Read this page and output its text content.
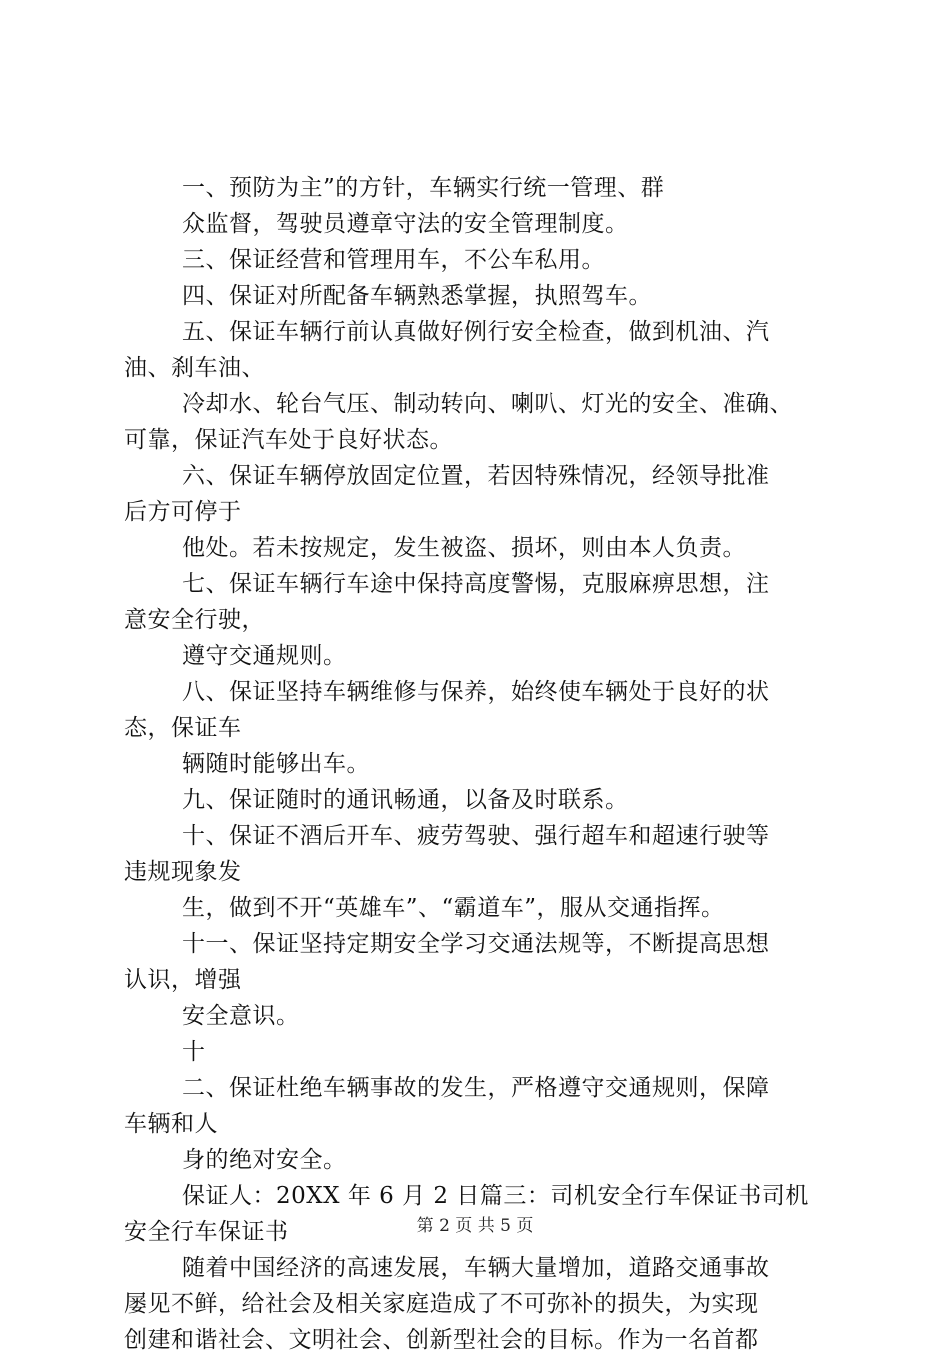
一、预防为主”的方针，车辆实行统一管理、群
众监督，驾驶员遵章守法的安全管理制度。
三、保证经营和管理用车，不公车私用。
四、保证对所配备车辆熟悉掌握，执照驾车。
五、保证车辆行前认真做好例行安全检查，做到机油、汽
油、刹车油、
冷却水、轮台气压、制动转向、喇叭、灯光的安全、准确、
可靠，保证汽车处于良好状态。
六、保证车辆停放固定位置，若因特殊情况，经领导批准
后方可停于
他处。若未按规定，发生被盗、损坏，则由本人负责。
七、保证车辆行车途中保持高度警惕，克服麻痹思想，注
意安全行驶，
遵守交通规则。
八、保证坚持车辆维修与保养，始终使车辆处于良好的状
态，保证车
辆随时能够出车。
九、保证随时的通讯畅通，以备及时联系。
十、保证不酒后开车、疲劳驾驶、强行超车和超速行驶等
违规现象发
生，做到不开“英雄车”、“霸道车”，服从交通指挥。
十一、保证坚持定期安全学习交通法规等，不断提高思想
认识，增强
安全意识。
十
二、保证杜绝车辆事故的发生，严格遵守交通规则，保障
车辆和人
身的绝对安全。
保证人：20XX 年 6 月 2 日篇三：司机安全行车保证书司机
安全行车保证书
随着中国经济的高速发展，车辆大量增加，道路交通事故
屡见不鲜，给社会及相关家庭造成了不可弥补的损失，为实现
创建和谐社会、文明社会、创新型社会的目标。作为一名首都
第 2 页 共 5 页
